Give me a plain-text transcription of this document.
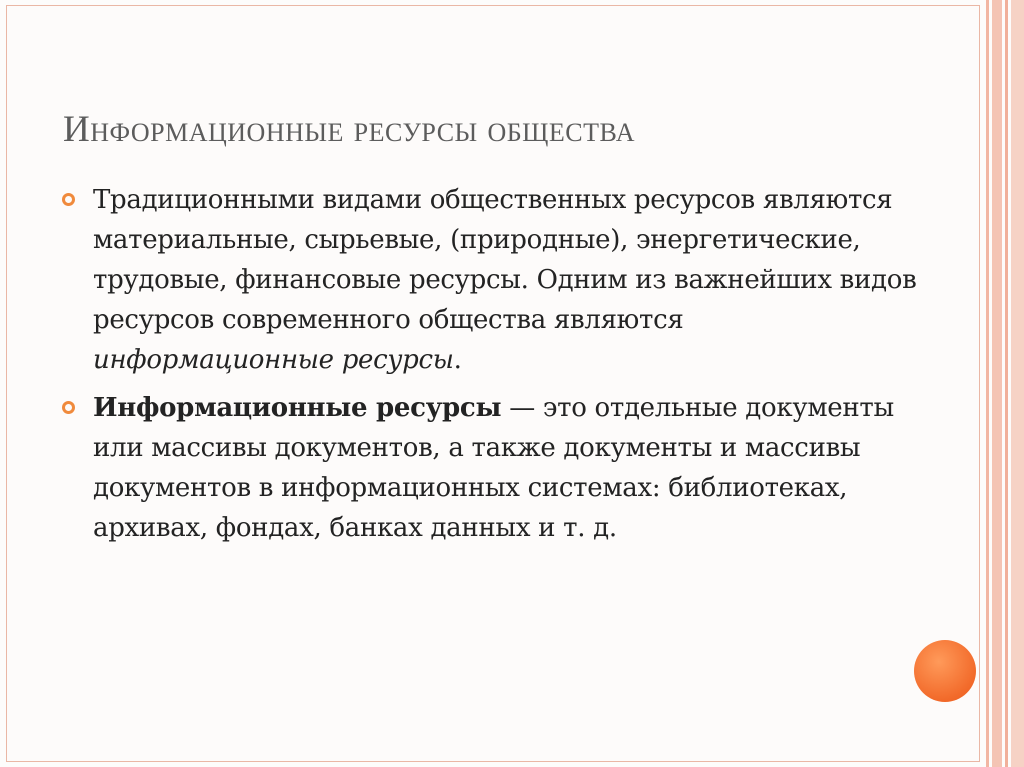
Информационные ресурсы общества
Традиционными видами общественных ресурсов являются материальные, сырьевые, (природные), энергетические, трудовые, финансовые ресурсы. Одним из важнейших видов ресурсов современного общества являются информационные ресурсы.
Информационные ресурсы — это отдельные документы или массивы документов, а также документы и массивы документов в информационных системах: библиотеках, архивах, фондах, банках данных и т. д.
